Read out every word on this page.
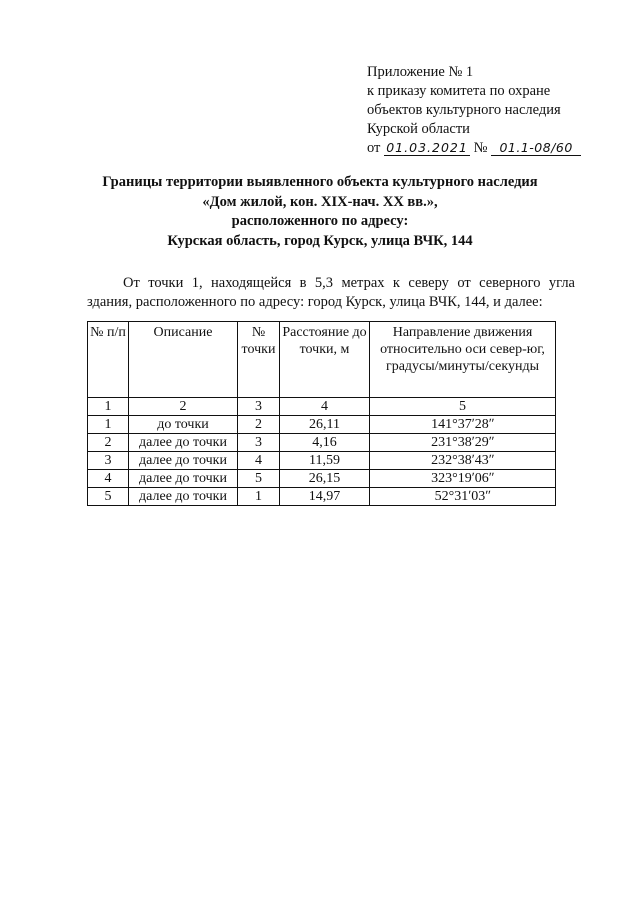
Приложение № 1
к приказу комитета по охране
объектов культурного наследия
Курской области
от 01.03.2021 № 01.1-08/60
Границы территории выявленного объекта культурного наследия
«Дом жилой, кон. XIX-нач. XX вв.»,
расположенного по адресу:
Курская область, город Курск, улица ВЧК, 144
От точки 1, находящейся в 5,3 метрах к северу от северного угла
здания, расположенного по адресу: город Курск, улица ВЧК, 144, и далее:
№ п/п	Описание	№ точки	Расстояние до точки, м	Направление движения относительно оси север-юг, градусы/минуты/секунды
1	2	3	4	5
1	до точки	2	26,11	141°37ʹ28ʺ
2	далее до точки	3	4,16	231°38ʹ29ʺ
3	далее до точки	4	11,59	232°38ʹ43ʺ
4	далее до точки	5	26,15	323°19ʹ06ʺ
5	далее до точки	1	14,97	52°31ʹ03ʺ
